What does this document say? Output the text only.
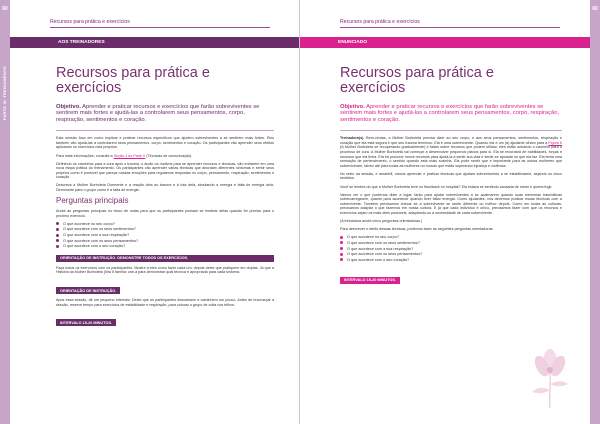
60
PARTE III: TREINAMENTO
Recursos para prática e exercícios
AOS TREINADORES
Recursos para prática e exercícios
Objetivo. Aprender e praticar recursos e exercícios que farão sobreviventes se sentirem mais fortes e ajudá-las a controlarem seus pensamentos, corpo, respiração, sentimentos e coração.

Esta sessão foca em como explicar e praticar recursos específicos que ajudem sobreviventes a se sentirem mais fortes. Eles também vão ajudá-las a controlarem seus pensamentos, corpo, sentimentos e coração. Os participantes vão aprender seus efeitos aplicando os exercícios nela próprios.

Para mais informações, consulte a Seção 4 da Parte II (Técnicas de comunicação).

Definindo os caminhos para a cura após o trauma, o áudio os motivos para se aprender recursos e técnicas, vão entrarem em uma nova etapa prática do treinamento. Os participantes vão aprender várias técnicas que abordam diferentes sintomas e sentir seus próprios como é possível que pareça nossas emoções para regulamos respostas no corpo, pensamento, respiração, sentimentos e coração.

Descreva a Mulher Borboleta Dormente e a reação dela ao trauma e à luta dela, simulando a energia e falta de energia dela. Demonstre para o grupo como é a falta de energia.

Perguntas principais

Anote as perguntas principais no bloco de notas para que os participantes possam se lembrar delas quando for preciso para o próximo exercício.

O que acontece no seu corpo?
O que acontece com os seus sentimentos?
O que acontece com a sua respiração?
O que acontece com os seus pensamentos?
O que acontece com o seu coração?
ORIENTAÇÃO DE INSTRUÇÃO. DEMONSTRE TODOS OS EXERCÍCIOS.

Faça todos os exercícios com os participantes. Mostre a eles como fazer cada um, depois deixe que pratiquem em duplas. Já que a História da Mulher Borboleta (Ilha 6 família: use-a para demonstrar qual técnica é apropriada para cada sintoma.

ORIENTAÇÃO DE INSTRUÇÃO.

Após essa sessão, dê um pequeno intervalo. Deixe que os participantes descansem e caminhem um pouco. Antes de recomeçar a sessão, reserve tempo para exercícios de estabilidade e respiração, para colocar o grupo de volta nos trilhos.

INTERVALO 15-20 MINUTOS.
60
PARTE III: TREINAMENTO
Recursos para prática e exercícios
ENUNCIADO
Recursos para prática e exercícios
Objetivo. Aprender e praticar recursos e exercícios que farão sobreviventes se sentirem mais fortes e ajudá-las a controlarem seus pensamentos, corpo, respiração, sentimentos e coração.

Treinadora(s). Bem-vindas, a Mulher Borboleta precisa dizer ao seu corpo, e aos seus pensamentos, sentimentos, respiração e coração que ela está segura e que seu trauma terminou. Ela é uma sobrevivente. Quando ela e um (a) ajudante olham para a Figura 6 (A Mulher Borboleta se recuperando gradualmente) e falam sobre recursos que podem utilizar, eles estão achando o caminho para o processo de cura. A Mulher Borboleta vai começar a desenvolver pequenos planos para si. Ela se recordará de habilidades, forças e recursos que ela tinha. Ela irá procurar novos recursos para ajudá-la a sentir sua vida e sentir-se apoiada no que ela faz. Ela tenta uma sensação de pertencimento, o sentido quando está mais sozinha. Ela pode sentir que é importante para as outras mulheres que sobreviveram, talvez até para todas as mulheres no mundo que estão superando injustiça e violência.

No resto da sessão, e amanhã, vamos aprender e praticar técnicas que ajudam sobreviventes a se estabilizarem, sejando os cinco sentidos.

Você se lembra do que a Mulher Borboleta teve no flashback no hospital? Ela estava se sentindo cansada de medo e queria fugir.

Vamos ver o que podemos dizer a lugar, tanto para ajudar sobreviventes a se acalmarem quando suas memórias traumáticas sobrecarregarem, quanto para acontecer quando tiver faltar energia. Como ajudantes, nós devemos praticar essas técnicas com a sobrevivente. Também precisamos checar se a sobrevivente se sente diferente ou melhor depois. Como em todas as culturas, precisamos adaptar o que fazemos em nossa cultura. E já que cada indivíduo é único, precisamos fazer com que os recursos e exercícios sejam os mais úteis possíveis, adaptando-os à necessidade de cada sobrevivente.

(A treinadora anota cinco perguntas orientadoras.)

Para descrever o efeito dessas técnicas, podemos fazer as seguintes perguntas orientadoras:

O que acontece no seu corpo?
O que acontece com os seus sentimentos?
O que acontece com a sua respiração?
O que acontece com os seus pensamentos?
O que acontece com o seu coração?
INTERVALO 15-20 MINUTOS.
